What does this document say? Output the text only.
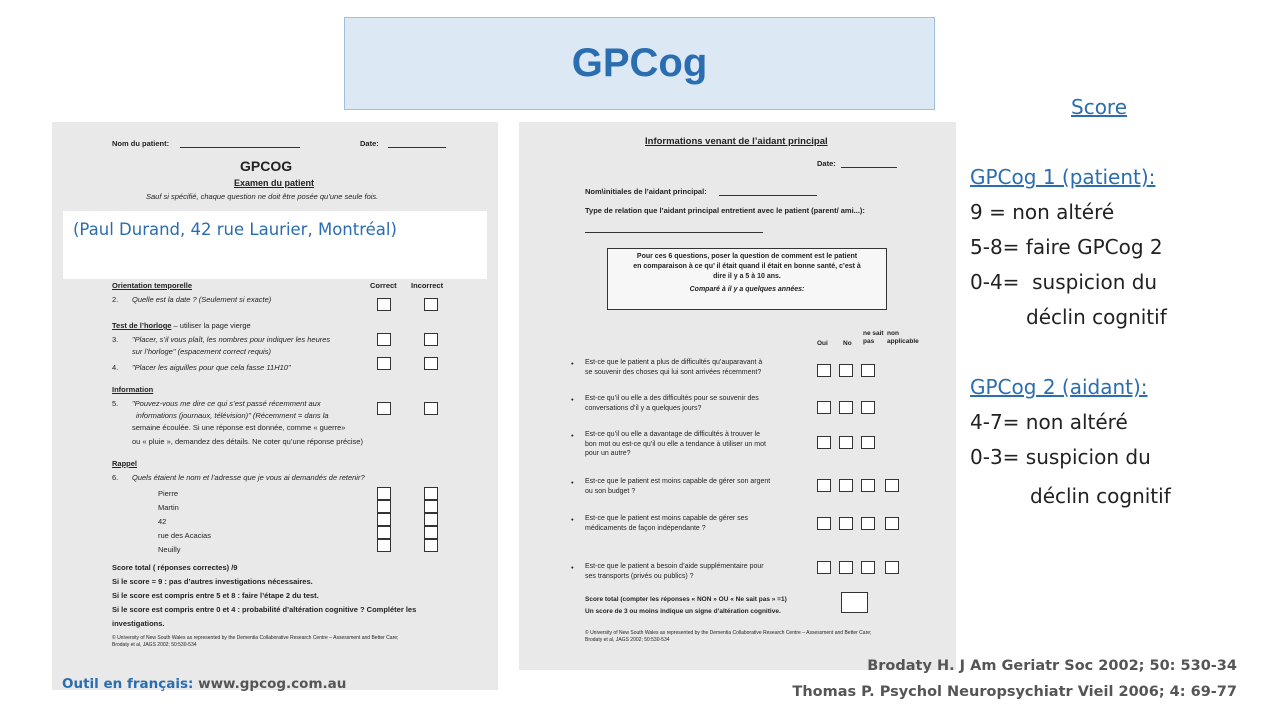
GPCog
Nom du patient:	Date:
GPCOG
Examen du patient
Sauf si spécifié, chaque question ne doit être posée qu’une seule fois.
Correct Incorrect
Orientation temporelle
2. Quelle est la date ? (Seulement si exacte)
Test de l’horloge – utiliser la page vierge
3. "Placer, s’il vous plaît, les nombres pour indiquer les heures
sur l’horloge" (espacement correct requis)
4. "Placer les aiguilles pour que cela fasse 11H10"
Information
5. "Pouvez-vous me dire ce qui s’est passé récemment aux
informations (journaux, télévision)" (Récemment = dans la
semaine écoulée. Si une réponse est donnée, comme « guerre»
ou « pluie », demandez des détails. Ne coter qu’une réponse précise)
Rappel
6. Quels étaient le nom et l’adresse que je vous ai demandés de retenir?
Pierre
Martin
42
rue des Acacias
Neuilly
Score total ( réponses correctes) /9
Si le score = 9 : pas d’autres investigations nécessaires.
Si le score est compris entre 5 et 8 : faire l’étape 2 du test.
Si le score est compris entre 0 et 4 : probabilité d’altération cognitive ? Compléter les
investigations.
© University of New South Wales as represented by the Dementia Collaborative Research Centre – Assessment and Better Care;
Brodaty et al, JAGS 2002; 50:530-534
(Paul Durand, 42 rue Laurier, Montréal)
Informations venant de l’aidant principal
Date:
Nom\initiales de l’aidant principal:
Type de relation que l’aidant principal entretient avec le patient (parent/ ami...):
Pour ces 6 questions, poser la question de comment est le patient
en comparaison à ce qu’ il était quand il était en bonne santé, c’est à
dire il y a 5 à 10 ans.
Comparé à il y a quelques années:
Oui No
ne sait
pas
non
applicable
• Est-ce que le patient a plus de difficultés qu’auparavant à
se souvenir des choses qui lui sont arrivées récemment?
• Est-ce qu’il ou elle a des difficultés pour se souvenir des
conversations d’il y a quelques jours?
• Est-ce qu’il ou elle a davantage de difficultés à trouver le
bon mot ou est-ce qu’il ou elle a tendance à utiliser un mot
pour un autre?
• Est-ce que le patient est moins capable de gérer son argent
ou son budget ?
• Est-ce que le patient est moins capable de gérer ses
médicaments de façon indépendante ?
• Est-ce que le patient a besoin d’aide supplémentaire pour
ses transports (privés ou publics) ?
Score total (compter les réponses « NON » OU « Ne sait pas » =1)
Un score de 3 ou moins indique un signe d’altération cognitive.
© University of New South Wales as represented by the Dementia Collaborative Research Centre – Assessment and Better Care;
Brodaty et al, JAGS 2002; 50:530-534
Score
GPCog 1 (patient):
9 = non altéré
5-8= faire GPCog 2
0-4=  suspicion du
déclin cognitif
GPCog 2 (aidant):
4-7= non altéré
0-3= suspicion du
déclin cognitif
Outil en français: www.gpcog.com.au
Brodaty H. J Am Geriatr Soc 2002; 50: 530-34
Thomas P. Psychol Neuropsychiatr Vieil 2006; 4: 69-77
